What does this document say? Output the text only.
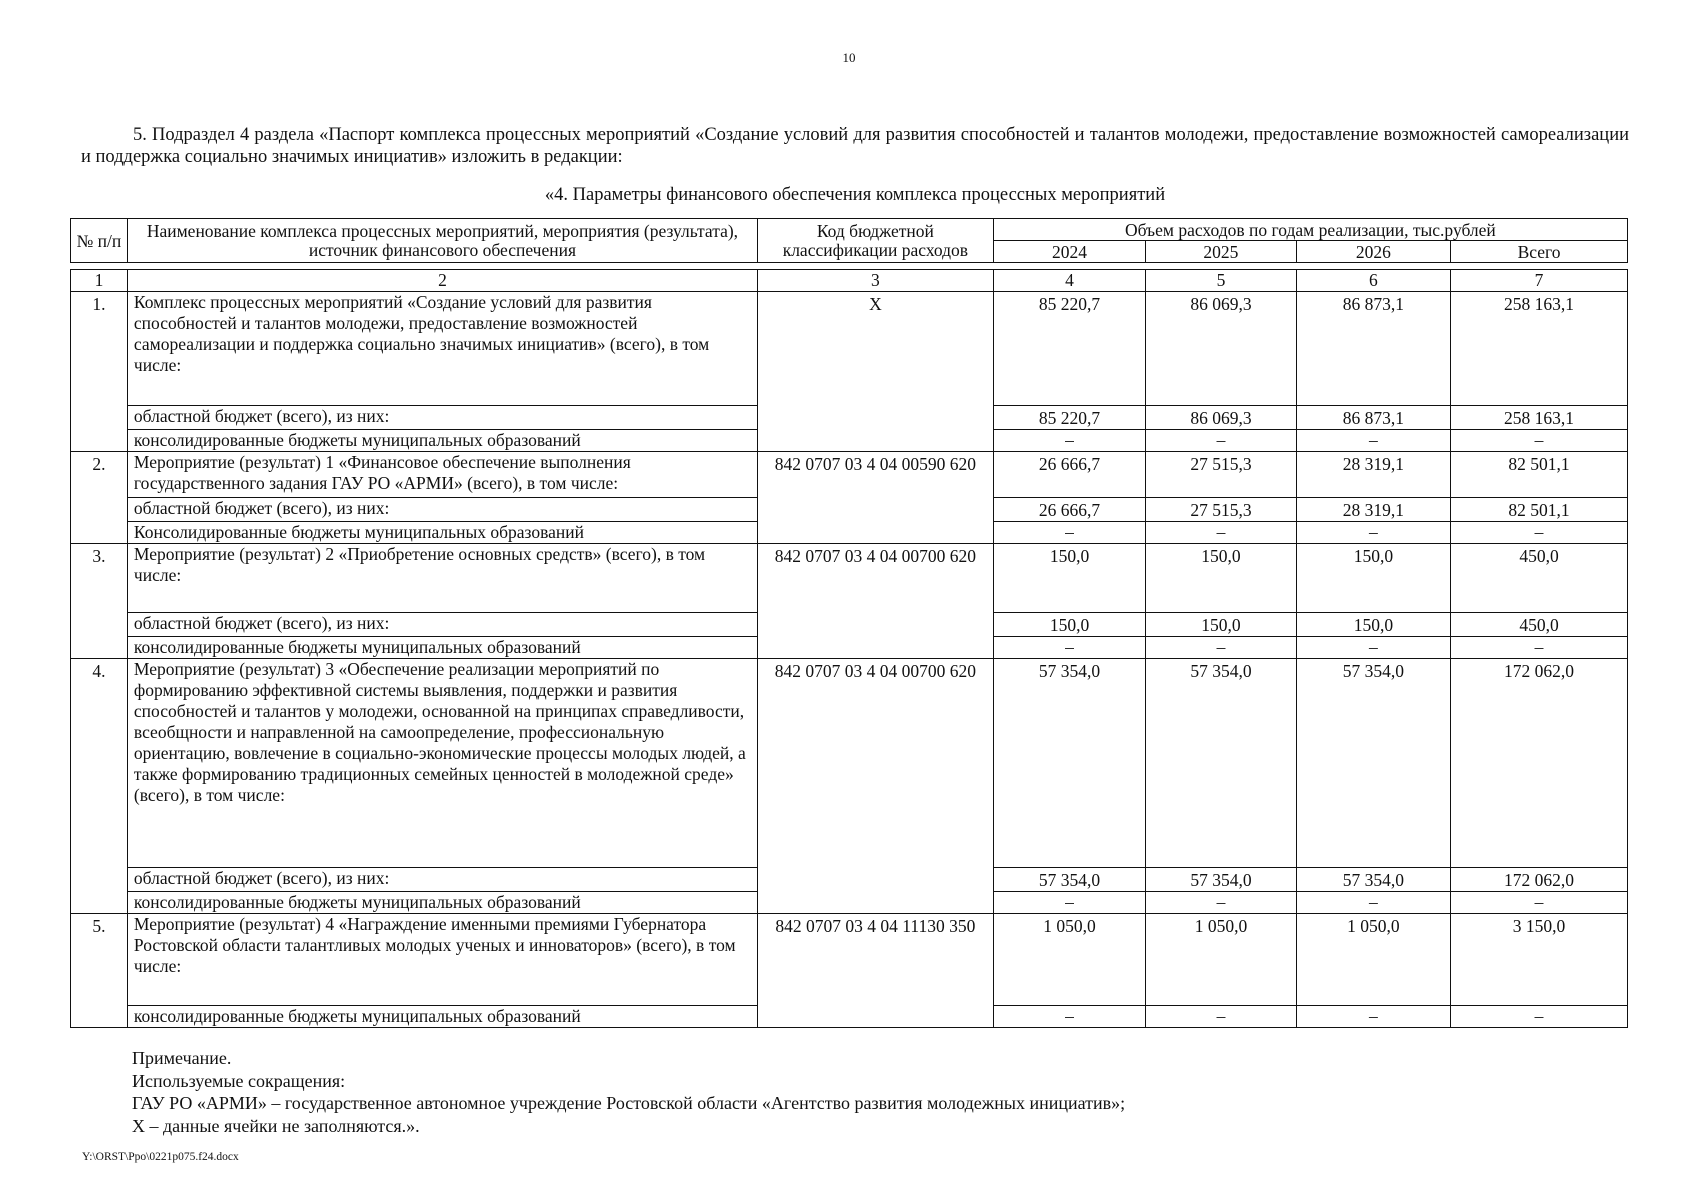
10
5. Подраздел 4 раздела «Паспорт комплекса процессных мероприятий «Создание условий для развития способностей и талантов молодежи, предоставление возможностей самореализации и поддержка социально значимых инициатив» изложить в редакции:
«4. Параметры финансового обеспечения комплекса процессных мероприятий
№ п/п	Наименование комплекса процессных мероприятий, мероприятия (результата), источник финансового обеспечения	Код бюджетной классификации расходов	Объем расходов по годам реализации, тыс.рублей			
			2024	2025	2026	Всего
1	2	3	4	5	6	7
1.	Комплекс процессных мероприятий «Создание условий для развития способностей и талантов молодежи, предоставление возможностей самореализации и поддержка социально значимых инициатив» (всего), в том числе:	X	85 220,7	86 069,3	86 873,1	258 163,1
	областной бюджет (всего), из них:		85 220,7	86 069,3	86 873,1	258 163,1
	консолидированные бюджеты муниципальных образований		–	–	–	–
2.	Мероприятие (результат) 1 «Финансовое обеспечение выполнения государственного задания ГАУ РО «АРМИ» (всего), в том числе:	842 0707 03 4 04 00590 620	26 666,7	27 515,3	28 319,1	82 501,1
	областной бюджет (всего), из них:		26 666,7	27 515,3	28 319,1	82 501,1
	Консолидированные бюджеты муниципальных образований		–	–	–	–
3.	Мероприятие (результат) 2 «Приобретение основных средств» (всего), в том числе:	842 0707 03 4 04 00700 620	150,0	150,0	150,0	450,0
	областной бюджет (всего), из них:		150,0	150,0	150,0	450,0
	консолидированные бюджеты муниципальных образований		–	–	–	–
4.	Мероприятие (результат) 3 «Обеспечение реализации мероприятий по формированию эффективной системы выявления, поддержки и развития способностей и талантов у молодежи, основанной на принципах справедливости, всеобщности и направленной на самоопределение, профессиональную ориентацию, вовлечение в социально-экономические процессы молодых людей, а также формированию традиционных семейных ценностей в молодежной среде» (всего), в том числе:	842 0707 03 4 04 00700 620	57 354,0	57 354,0	57 354,0	172 062,0
	областной бюджет (всего), из них:		57 354,0	57 354,0	57 354,0	172 062,0
	консолидированные бюджеты муниципальных образований		–	–	–	–
5.	Мероприятие (результат) 4 «Награждение именными премиями Губернатора Ростовской области талантливых молодых ученых и инноваторов» (всего), в том числе:	842 0707 03 4 04 11130 350	1 050,0	1 050,0	1 050,0	3 150,0
	консолидированные бюджеты муниципальных образований		–	–	–	–
Примечание.
Используемые сокращения:
ГАУ РО «АРМИ» – государственное автономное учреждение Ростовской области «Агентство развития молодежных инициатив»;
X – данные ячейки не заполняются.».
Y:\ORST\Ppo\0221p075.f24.docx
